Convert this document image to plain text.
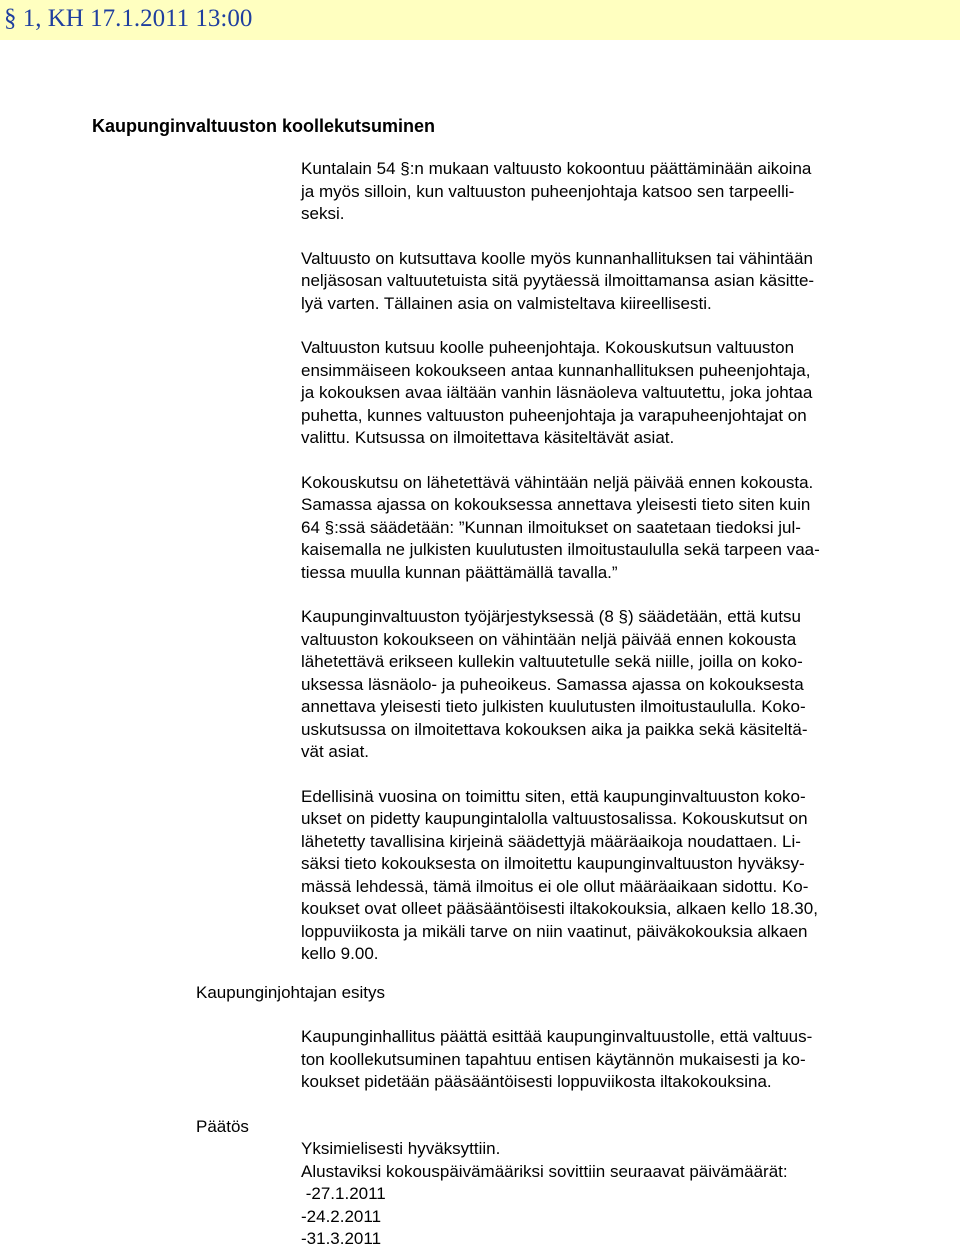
§ 1, KH 17.1.2011 13:00
Kaupunginvaltuuston koollekutsuminen

Kuntalain 54 §:n mukaan valtuusto kokoontuu päättäminään aikoina
ja myös silloin, kun valtuuston puheenjohtaja katsoo sen tarpeelli-
seksi.

Valtuusto on kutsuttava koolle myös kunnanhallituksen tai vähintään
neljäsosan valtuutetuista sitä pyytäessä ilmoittamansa asian käsitte-
lyä varten. Tällainen asia on valmisteltava kiireellisesti.

Valtuuston kutsuu koolle puheenjohtaja. Kokouskutsun valtuuston
ensimmäiseen kokoukseen antaa kunnanhallituksen puheenjohtaja,
ja kokouksen avaa iältään vanhin läsnäoleva valtuutettu, joka johtaa
puhetta, kunnes valtuuston puheenjohtaja ja varapuheenjohtajat on
valittu. Kutsussa on ilmoitettava käsiteltävät asiat.

Kokouskutsu on lähetettävä vähintään neljä päivää ennen kokousta.
Samassa ajassa on kokouksessa annettava yleisesti tieto siten kuin
64 §:ssä säädetään: ”Kunnan ilmoitukset on saatetaan tiedoksi jul-
kaisemalla ne julkisten kuulutusten ilmoitustaululla sekä tarpeen vaa-
tiessa muulla kunnan päättämällä tavalla.”

Kaupunginvaltuuston työjärjestyksessä (8 §) säädetään, että kutsu
valtuuston kokoukseen on vähintään neljä päivää ennen kokousta
lähetettävä erikseen kullekin valtuutetulle sekä niille, joilla on koko-
uksessa läsnäolo- ja puheoikeus. Samassa ajassa on kokouksesta
annettava yleisesti tieto julkisten kuulutusten ilmoitustaululla. Koko-
uskutsussa on ilmoitettava kokouksen aika ja paikka sekä käsiteltä-
vät asiat.

Edellisinä vuosina on toimittu siten, että kaupunginvaltuuston koko-
ukset on pidetty kaupungintalolla valtuustosalissa. Kokouskutsut on
lähetetty tavallisina kirjeinä säädettyjä määräaikoja noudattaen. Li-
säksi tieto kokouksesta on ilmoitettu kaupunginvaltuuston hyväksy-
mässä lehdessä, tämä ilmoitus ei ole ollut määräaikaan sidottu. Ko-
koukset ovat olleet pääsääntöisesti iltakokouksia, alkaen kello 18.30,
loppuviikosta ja mikäli tarve on niin vaatinut, päiväkokouksia alkaen
kello 9.00.

Kaupunginjohtajan esitys
Kaupunginhallitus päättä esittää kaupunginvaltuustolle, että valtuus-
ton koollekutsuminen tapahtuu entisen käytännön mukaisesti ja ko-
koukset pidetään pääsääntöisesti loppuviikosta iltakokouksina.
Päätös
Yksimielisesti hyväksyttiin.
Alustaviksi kokouspäivämääriksi sovittiin seuraavat päivämäärät:
-27.1.2011
-24.2.2011
-31.3.2011
